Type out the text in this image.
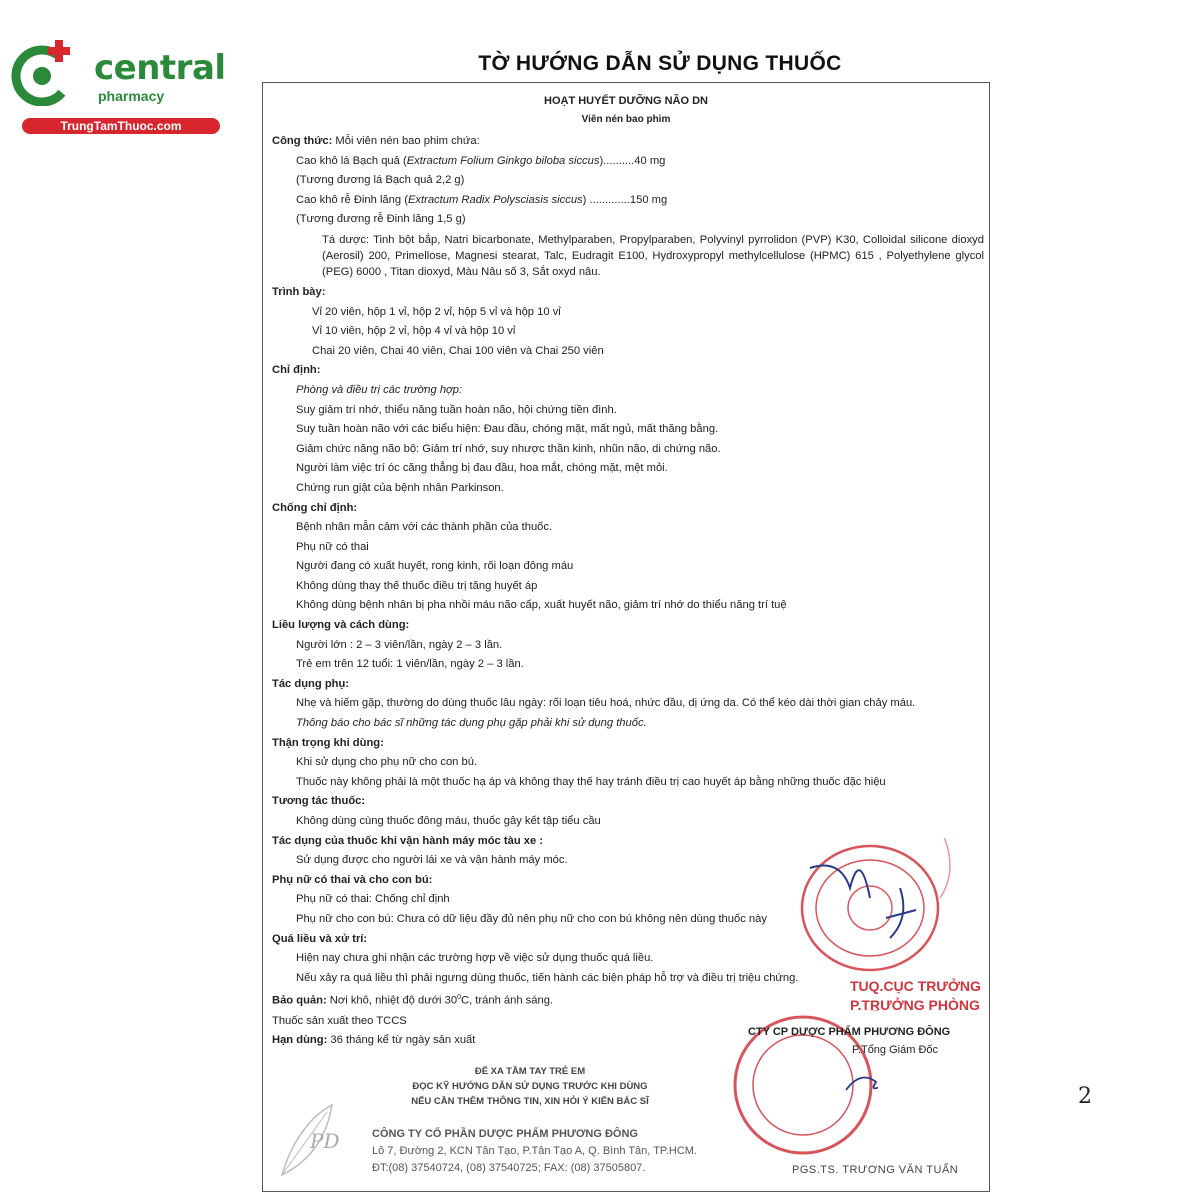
central
pharmacy
TrungTamThuoc.com
TỜ HƯỚNG DẪN SỬ DỤNG THUỐC
HOẠT HUYẾT DƯỠNG NÃO DN
Viên nén bao phim
Công thức: Mỗi viên nén bao phim chứa:
Cao khô lá Bạch quả (Extractum Folium Ginkgo biloba siccus)..........40 mg
(Tương đương lá Bạch quả 2,2 g)
Cao khô rễ Đinh lăng (Extractum Radix Polysciasis siccus) .............150 mg
(Tương đương rễ Đinh lăng 1,5 g)
Tá dược: Tinh bột bắp, Natri bicarbonate, Methylparaben, Propylparaben, Polyvinyl pyrrolidon (PVP) K30, Colloidal silicone dioxyd (Aerosil) 200, Primellose, Magnesi stearat, Talc, Eudragit E100, Hydroxypropyl methylcellulose (HPMC) 615 , Polyethylene glycol (PEG) 6000 , Titan dioxyd, Màu Nâu số 3, Sắt oxyd nâu.
Trình bày:
Vỉ 20 viên, hộp 1 vỉ, hộp 2 vỉ, hộp 5 vỉ và hộp 10 vỉ
Vỉ 10 viên, hộp 2 vỉ, hộp 4 vỉ và hộp 10 vỉ
Chai 20 viên, Chai 40 viên, Chai 100 viên và Chai 250 viên
Chỉ định:
Phòng và điều trị các trường hợp:
Suy giảm trí nhớ, thiểu năng tuần hoàn não, hội chứng tiền đình.
Suy tuần hoàn não với các biểu hiện: Đau đầu, chóng mặt, mất ngủ, mất thăng bằng.
Giảm chức năng não bộ: Giảm trí nhớ, suy nhược thần kinh, nhũn não, di chứng não.
Người làm việc trí óc căng thẳng bị đau đầu, hoa mắt, chóng mặt, mệt mỏi.
Chứng run giật của bệnh nhân Parkinson.
Chống chỉ định:
Bệnh nhân mẫn cảm với các thành phần của thuốc.
Phụ nữ có thai
Người đang có xuất huyết, rong kinh, rối loạn đông máu
Không dùng thay thế thuốc điều trị tăng huyết áp
Không dùng bệnh nhân bị pha nhồi máu não cấp, xuất huyết não, giảm trí nhớ do thiểu năng trí tuệ
Liều lượng và cách dùng:
Người lớn : 2 – 3 viên/lần, ngày 2 – 3 lần.
Trẻ em trên 12 tuổi: 1 viên/lần, ngày 2 – 3 lần.
Tác dụng phụ:
Nhẹ và hiếm gặp, thường do dùng thuốc lâu ngày: rối loạn tiêu hoá, nhức đầu, dị ứng da. Có thể kéo dài thời gian chảy máu.
Thông báo cho bác sĩ những tác dụng phụ gặp phải khi sử dụng thuốc.
Thận trọng khi dùng:
Khi sử dụng cho phụ nữ cho con bú.
Thuốc này không phải là một thuốc hạ áp và không thay thế hay tránh điều trị cao huyết áp bằng những thuốc đặc hiệu
Tương tác thuốc:
Không dùng cùng thuốc đông máu, thuốc gây kết tập tiểu cầu
Tác dụng của thuốc khi vận hành máy móc tàu xe :
Sử dụng được cho người lái xe và vận hành máy móc.
Phụ nữ có thai và cho con bú:
Phụ nữ có thai: Chống chỉ định
Phụ nữ cho con bú: Chưa có dữ liệu đầy đủ nên phụ nữ cho con bú không nên dùng thuốc này
Quá liều và xử trí:
Hiện nay chưa ghi nhận các trường hợp về việc sử dụng thuốc quá liều.
Nếu xảy ra quá liều thì phải ngưng dùng thuốc, tiến hành các biện pháp hỗ trợ và điều trị triệu chứng.
Bảo quản: Nơi khô, nhiệt độ dưới $30^0C$, tránh ánh sáng.
Thuốc sản xuất theo TCCS
Hạn dùng: 36 tháng kể từ ngày sản xuất
ĐỂ XA TẦM TAY TRẺ EM
ĐỌC KỸ HƯỚNG DẪN SỬ DỤNG TRƯỚC KHI DÙNG
NẾU CẦN THÊM THÔNG TIN, XIN HỎI Ý KIẾN BÁC SĨ
PD	CÔNG TY CỔ PHẦN DƯỢC PHẨM PHƯƠNG ĐÔNG
Lô 7, Đường 2, KCN Tân Tạo, P.Tân Tạo A, Q. Bình Tân, TP.HCM.
ĐT:(08) 37540724, (08) 37540725; FAX: (08) 37505807.
TUQ.CỤC TRƯỞNG
P.TRƯỞNG PHÒNG
CTY CP DƯỢC PHẨM PHƯƠNG ĐÔNG
P.Tổng Giám Đốc
PGS.TS. TRƯƠNG VĂN TUẤN
2
